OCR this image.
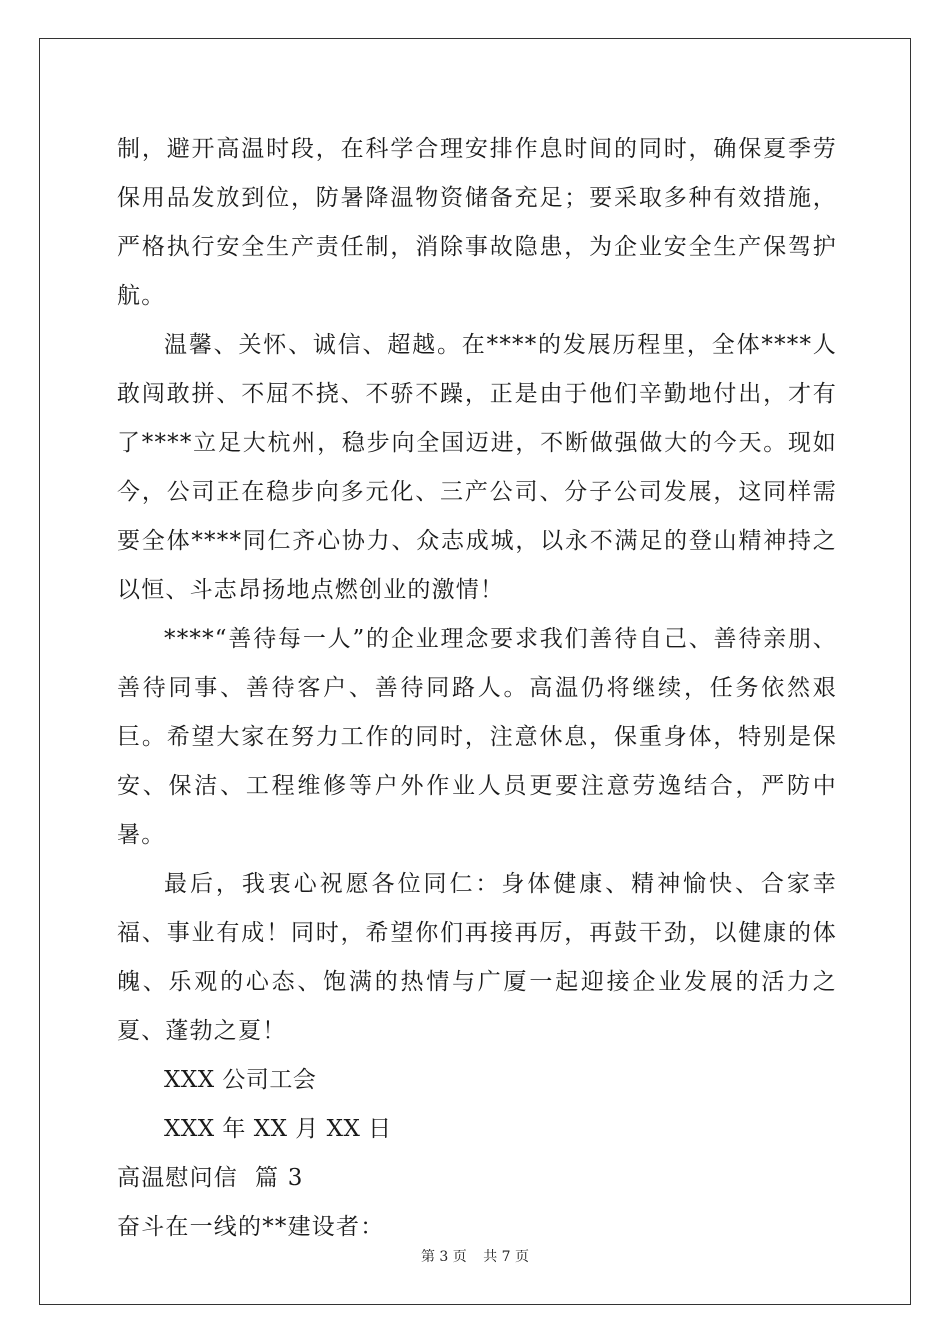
制，避开高温时段，在科学合理安排作息时间的同时，确保夏季劳保用品发放到位，防暑降温物资储备充足；要采取多种有效措施，严格执行安全生产责任制，消除事故隐患，为企业安全生产保驾护航。

温馨、关怀、诚信、超越。在****的发展历程里，全体****人敢闯敢拼、不屈不挠、不骄不躁，正是由于他们辛勤地付出，才有了****立足大杭州，稳步向全国迈进，不断做强做大的今天。现如今，公司正在稳步向多元化、三产公司、分子公司发展，这同样需要全体****同仁齐心协力、众志成城，以永不满足的登山精神持之以恒、斗志昂扬地点燃创业的激情！

****“善待每一人”的企业理念要求我们善待自己、善待亲朋、善待同事、善待客户、善待同路人。高温仍将继续，任务依然艰巨。希望大家在努力工作的同时，注意休息，保重身体，特别是保安、保洁、工程维修等户外作业人员更要注意劳逸结合，严防中暑。

最后，我衷心祝愿各位同仁：身体健康、精神愉快、合家幸福、事业有成！同时，希望你们再接再厉，再鼓干劲，以健康的体魄、乐观的心态、饱满的热情与广厦一起迎接企业发展的活力之夏、蓬勃之夏！

XXX 公司工会

XXX 年 XX 月 XX 日

高温慰问信  篇 3

奋斗在一线的**建设者：

第 3 页 共 7 页
